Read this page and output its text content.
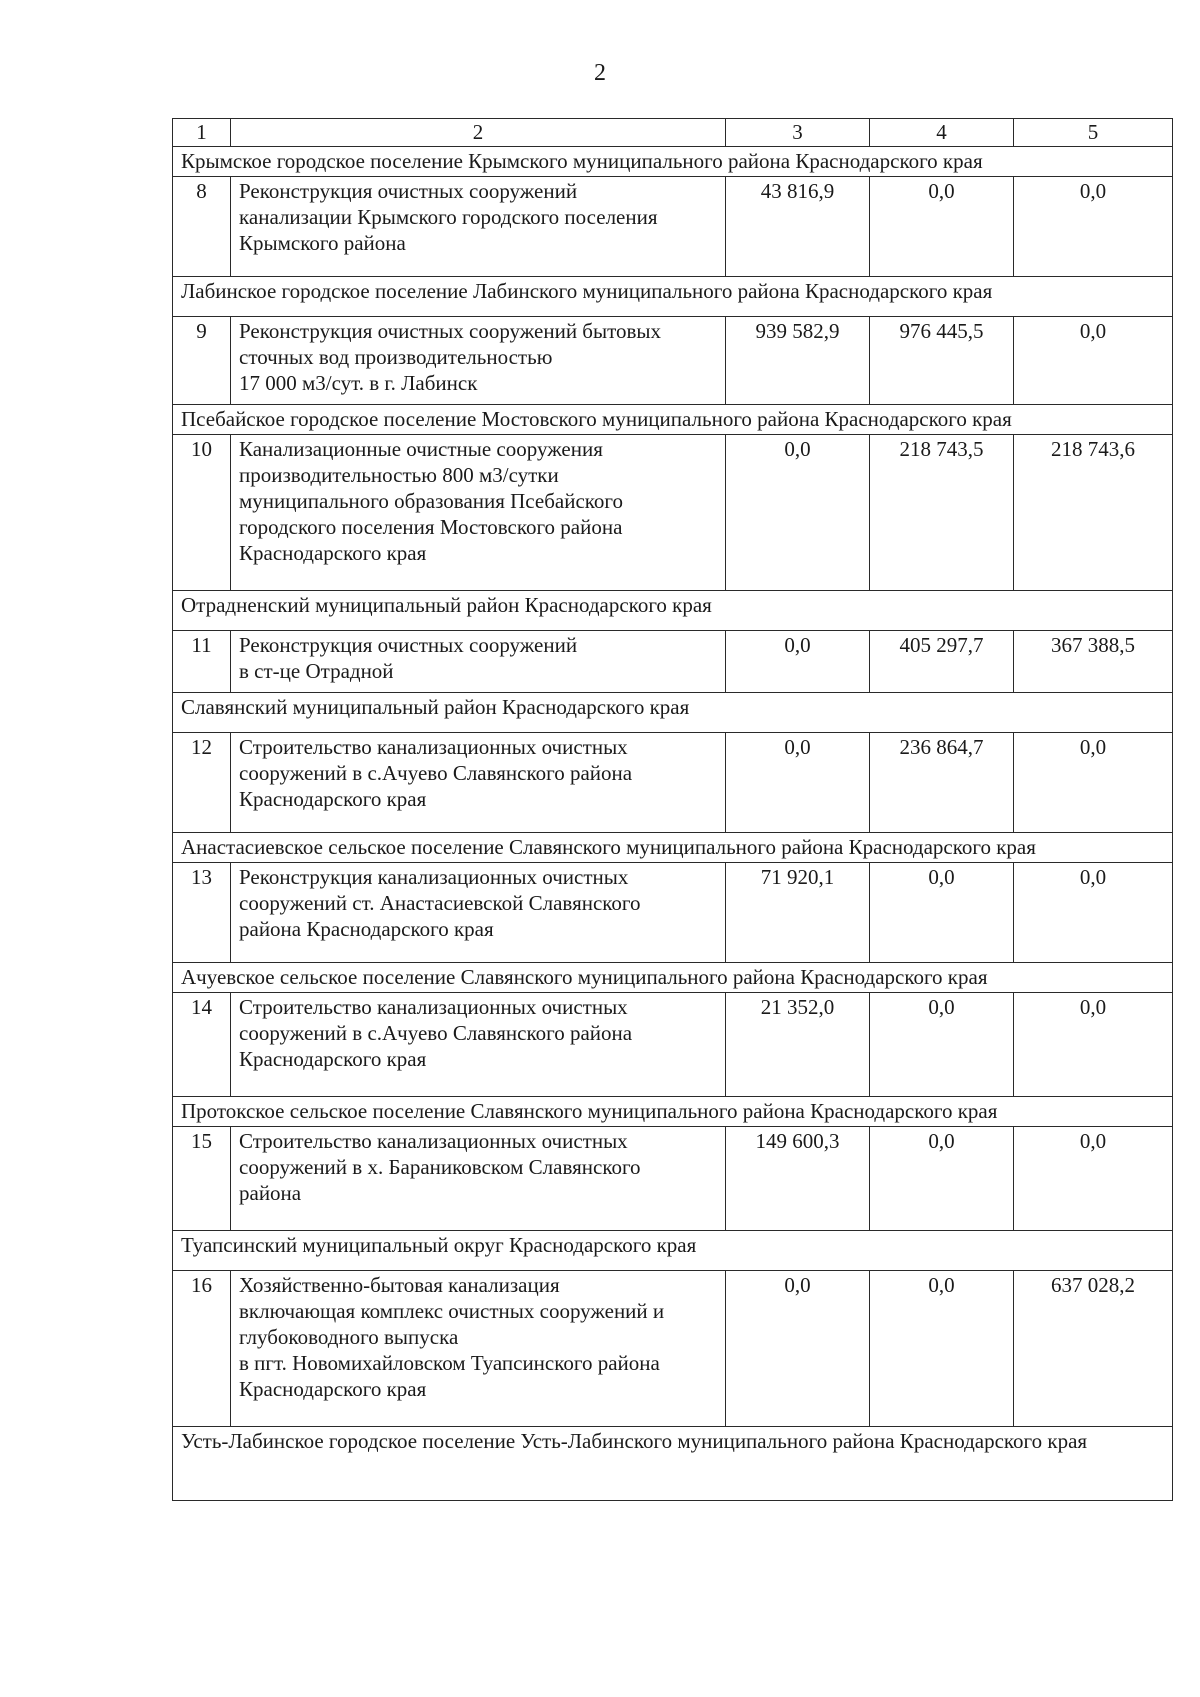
2
1	2	3	4	5
Крымское городское поселение Крымского муниципального района Краснодарского края				
8	Реконструкция очистных сооружений
канализации Крымского городского поселения
Крымского района	43 816,9	0,0	0,0
Лабинское городское поселение Лабинского муниципального района Краснодарского края				
9	Реконструкция очистных сооружений бытовых
сточных вод производительностью
17 000 м3/сут. в г. Лабинск	939 582,9	976 445,5	0,0
Псебайское городское поселение Мостовского муниципального района Краснодарского края				
10	Канализационные очистные сооружения
производительностью 800 м3/сутки
муниципального образования Псебайского
городского поселения Мостовского района
Краснодарского края	0,0	218 743,5	218 743,6
Отрадненский муниципальный район Краснодарского края				
11	Реконструкция очистных сооружений
в ст-це Отрадной	0,0	405 297,7	367 388,5
Славянский муниципальный район Краснодарского края				
12	Строительство канализационных очистных
сооружений в с.Ачуево Славянского района
Краснодарского края	0,0	236 864,7	0,0
Анастасиевское сельское поселение Славянского муниципального района Краснодарского края				
13	Реконструкция канализационных очистных
сооружений ст. Анастасиевской Славянского
района Краснодарского края	71 920,1	0,0	0,0
Ачуевское сельское поселение Славянского муниципального района Краснодарского края				
14	Строительство канализационных очистных
сооружений в с.Ачуево Славянского района
Краснодарского края	21 352,0	0,0	0,0
Протокское сельское поселение Славянского муниципального района Краснодарского края				
15	Строительство канализационных очистных
сооружений в х. Бараниковском Славянского
района	149 600,3	0,0	0,0
Туапсинский муниципальный округ Краснодарского края				
16	Хозяйственно-бытовая канализация
включающая комплекс очистных сооружений и
глубоководного выпуска
в пгт. Новомихайловском Туапсинского района
Краснодарского края	0,0	0,0	637 028,2
Усть-Лабинское городское поселение Усть-Лабинского муниципального района Краснодарского края				
